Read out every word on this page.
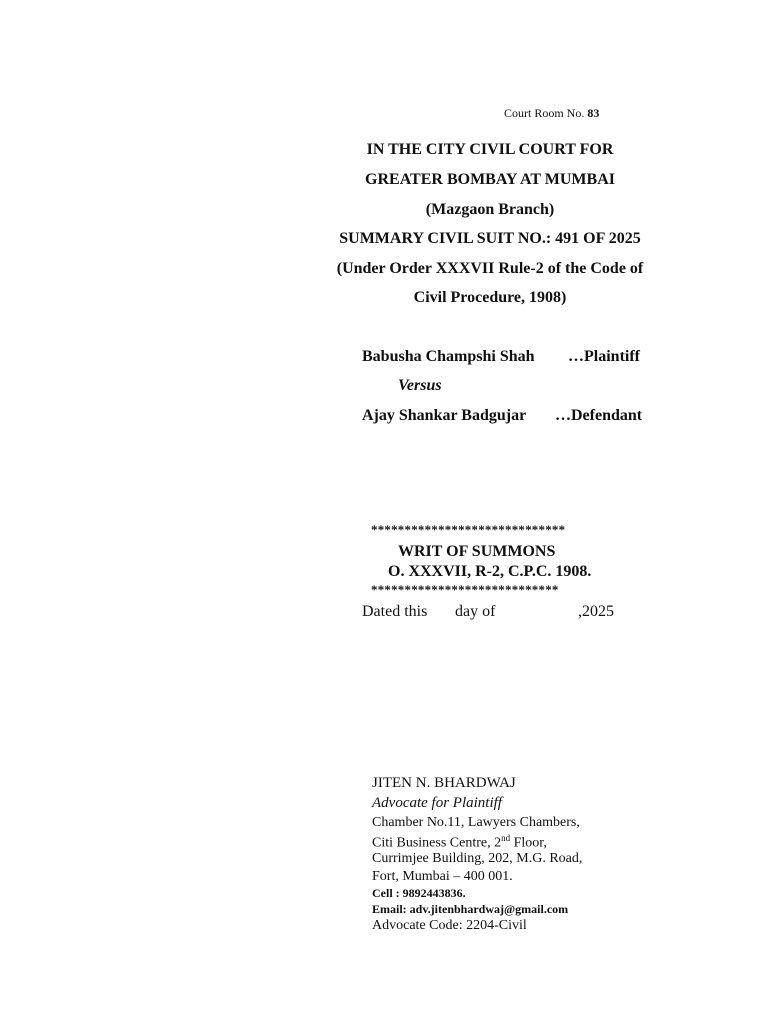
Court Room No. 83
IN THE CITY CIVIL COURT FOR
GREATER BOMBAY AT MUMBAI
(Mazgaon Branch)
SUMMARY CIVIL SUIT NO.: 491 OF 2025
(Under Order XXXVII Rule-2 of the Code of
Civil Procedure, 1908)
Babusha Champshi Shah …Plaintiff
Versus
Ajay Shankar Badgujar …Defendant
*****************************
WRIT OF SUMMONS
O. XXXVII, R-2, C.P.C. 1908.
****************************
Dated this day of	,2025
JITEN N. BHARDWAJ
Advocate for Plaintiff
Chamber No.11, Lawyers Chambers,
Citi Business Centre, 2nd Floor,
Currimjee Building, 202, M.G. Road,
Fort, Mumbai – 400 001.
Cell : 9892443836.
Email: adv.jitenbhardwaj@gmail.com
Advocate Code: 2204-Civil
